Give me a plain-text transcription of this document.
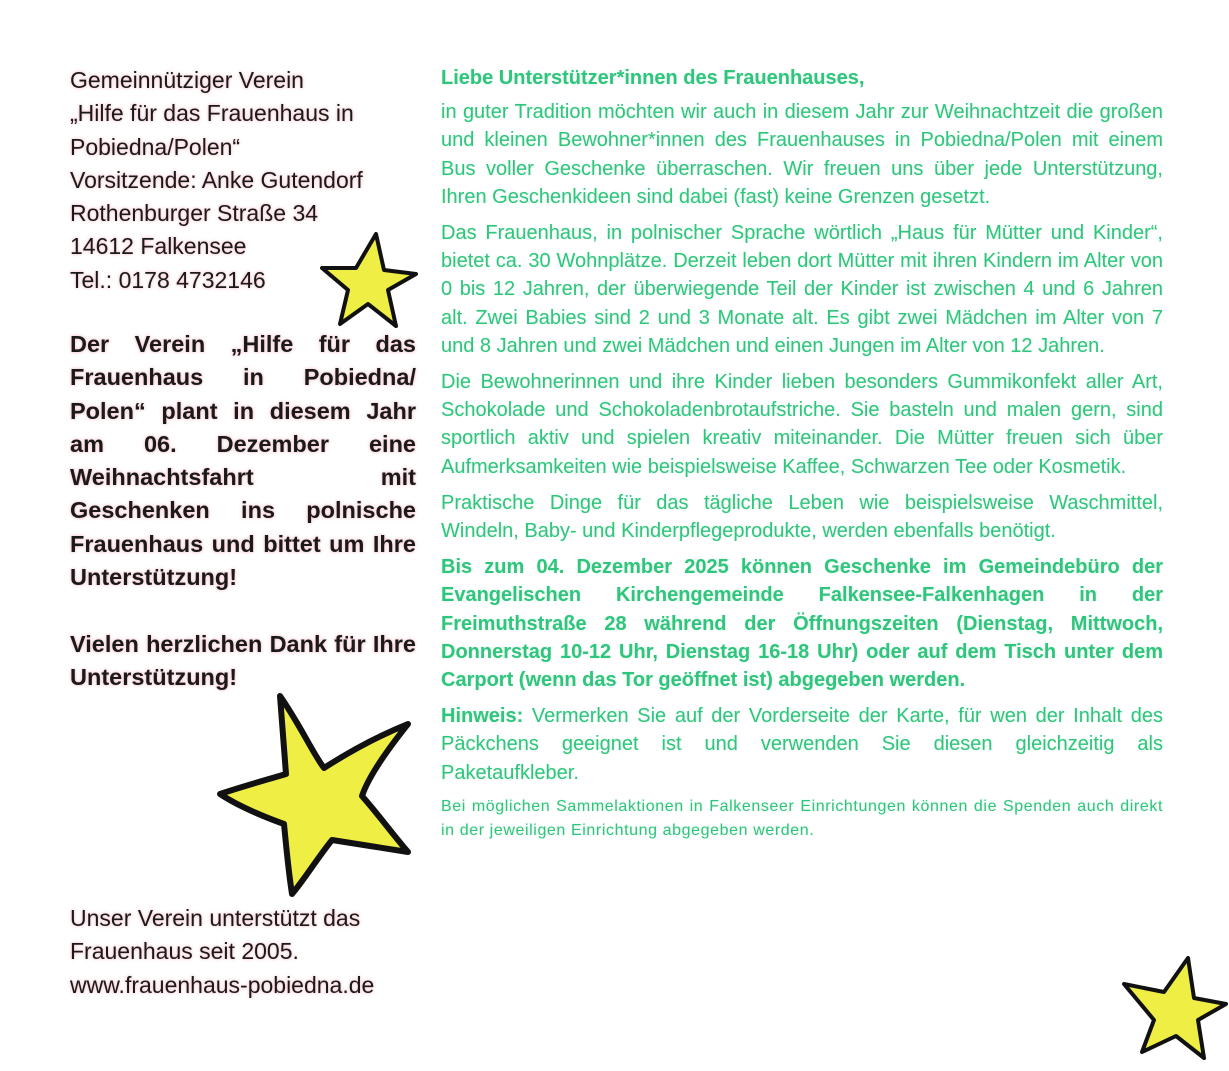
Gemeinnütziger Verein
„Hilfe für das Frauenhaus in
Pobiedna/Polen“
Vorsitzende: Anke Gutendorf
Rothenburger Straße 34
14612 Falkensee
Tel.: 0178 4732146
Der Verein „Hilfe für das Frauenhaus in Pobiedna/ Polen“ plant in diesem Jahr am 06. Dezember eine Weihnachtsfahrt mit Geschenken ins polnische Frauenhaus und bittet um Ihre Unterstützung!
Vielen herzlichen Dank für Ihre Unterstützung!
Unser Verein unterstützt das
Frauenhaus seit 2005.
www.frauenhaus-pobiedna.de

Liebe Unterstützer*innen des Frauenhauses,

in guter Tradition möchten wir auch in diesem Jahr zur Weihnachtzeit die großen und kleinen Bewohner*innen des Frauenhauses in Pobiedna/Polen mit einem Bus voller Geschenke überraschen. Wir freuen uns über jede Unterstützung, Ihren Geschenkideen sind dabei (fast) keine Grenzen gesetzt.

Das Frauenhaus, in polnischer Sprache wörtlich „Haus für Mütter und Kinder“, bietet ca. 30 Wohnplätze. Derzeit leben dort Mütter mit ihren Kindern im Alter von 0 bis 12 Jahren, der überwiegende Teil der Kinder ist zwischen 4 und 6 Jahren alt. Zwei Babies sind 2 und 3 Monate alt. Es gibt zwei Mädchen im Alter von 7 und 8 Jahren und zwei Mädchen und einen Jungen im Alter von 12 Jahren.

Die Bewohnerinnen und ihre Kinder lieben besonders Gummikonfekt aller Art, Schokolade und Schokoladenbrotaufstriche. Sie basteln und malen gern, sind sportlich aktiv und spielen kreativ miteinander. Die Mütter freuen sich über Aufmerksamkeiten wie beispielsweise Kaffee, Schwarzen Tee oder Kosmetik.

Praktische Dinge für das tägliche Leben wie beispielsweise Waschmittel, Windeln, Baby- und Kinderpflegeprodukte, werden ebenfalls benötigt.

Bis zum 04. Dezember 2025 können Geschenke im Gemeindebüro der Evangelischen Kirchengemeinde Falkensee-Falkenhagen in der Freimuthstraße 28 während der Öffnungszeiten (Dienstag, Mittwoch, Donnerstag 10-12 Uhr, Dienstag 16-18 Uhr) oder auf dem Tisch unter dem Carport (wenn das Tor geöffnet ist) abgegeben werden.

Hinweis: Vermerken Sie auf der Vorderseite der Karte, für wen der Inhalt des Päckchens geeignet ist und verwenden Sie diesen gleichzeitig als Paketaufkleber.

Bei möglichen Sammelaktionen in Falkenseer Einrichtungen können die Spenden auch direkt in der jeweiligen Einrichtung abgegeben werden.
